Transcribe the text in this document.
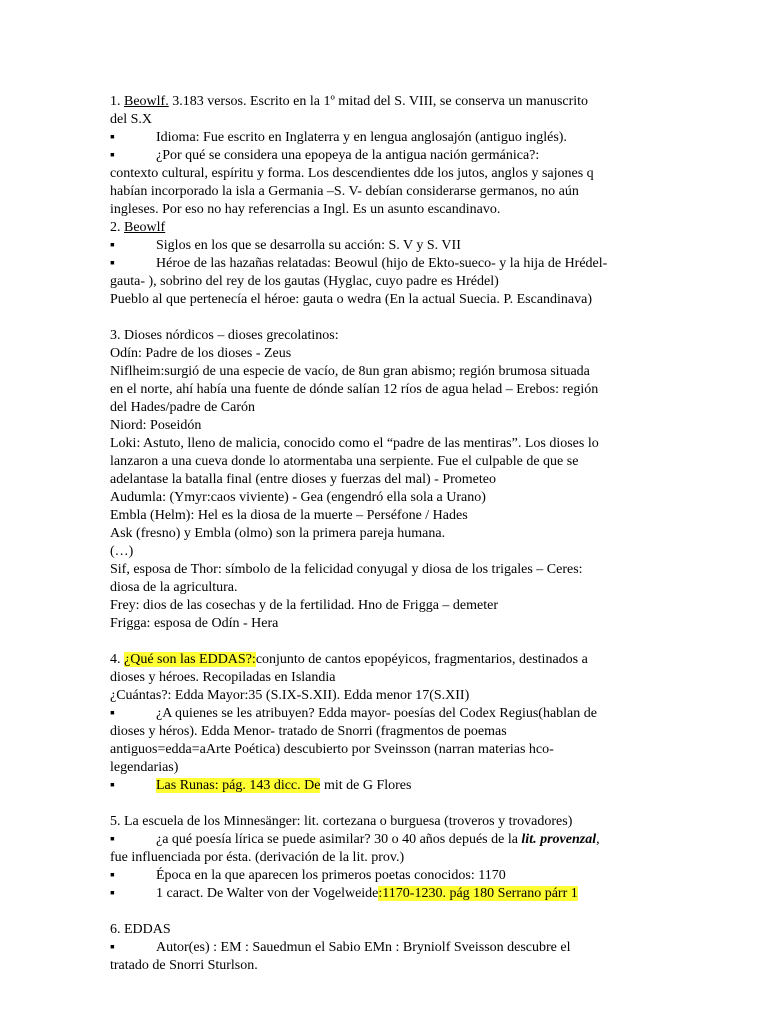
1. Beowlf. 3.183 versos. Escrito en la 1º mitad del S. VIII, se conserva un manuscrito

del S.X

▪	Idioma: Fue escrito en Inglaterra y en lengua anglosajón (antiguo inglés).
▪	¿Por qué se considera una epopeya de la antigua nación germánica?:

contexto cultural, espíritu y forma. Los descendientes dde los jutos, anglos y sajones q

habían incorporado la isla a Germania –S. V- debían considerarse germanos, no aún

ingleses. Por eso no hay referencias a Ingl. Es un asunto escandinavo.

2. Beowlf

▪	Siglos en los que se desarrolla su acción: S. V y S. VII
▪	Héroe de las hazañas relatadas: Beowul (hijo de Ekto-sueco- y la hija de Hrédel-

gauta- ), sobrino del rey de los gautas (Hyglac, cuyo padre es Hrédel)

Pueblo al que pertenecía el héroe: gauta o wedra (En la actual Suecia. P. Escandinava)

3. Dioses nórdicos – dioses grecolatinos:

Odín: Padre de los dioses - Zeus

Niflheim:surgió de una especie de vacío, de 8un gran abismo; región brumosa situada

en el norte, ahí había una fuente de dónde salían 12 ríos de agua helad – Erebos: región

del Hades/padre de Carón

Niord: Poseidón

Loki: Astuto, lleno de malicia, conocido como el “padre de las mentiras”. Los dioses lo

lanzaron a una cueva donde lo atormentaba una serpiente. Fue el culpable de que se

adelantase la batalla final (entre dioses y fuerzas del mal) - Prometeo

Audumla: (Ymyr:caos viviente) - Gea (engendró ella sola a Urano)

Embla (Helm): Hel es la diosa de la muerte – Perséfone / Hades

Ask (fresno) y Embla (olmo) son la primera pareja humana.

(…)

Sif, esposa de Thor: símbolo de la felicidad conyugal y diosa de los trigales – Ceres:

diosa de la agricultura.

Frey: dios de las cosechas y de la fertilidad. Hno de Frigga – demeter

Frigga: esposa de Odín - Hera

4. ¿Qué son las EDDAS?:conjunto de cantos epopéyicos, fragmentarios, destinados a

dioses y héroes. Recopiladas en Islandia

¿Cuántas?: Edda Mayor:35 (S.IX-S.XII). Edda menor 17(S.XII)

▪	¿A quienes se les atribuyen? Edda mayor- poesías del Codex Regius(hablan de

dioses y héros). Edda Menor- tratado de Snorri (fragmentos de poemas

antiguos=edda=aArte Poética) descubierto por Sveinsson (narran materias hco-

legendarias)

▪	Las Runas: pág. 143 dicc. De mit de G Flores

5. La escuela de los Minnesänger: lit. cortezana o burguesa (troveros y trovadores)

▪	¿a qué poesía lírica se puede asimilar? 30 o 40 años depués de la lit. provenzal,

fue influenciada por ésta. (derivación de la lit. prov.)

▪	Época en la que aparecen los primeros poetas conocidos: 1170
▪	1 caract. De Walter von der Vogelweide:1170-1230. pág 180 Serrano párr 1

6. EDDAS

▪	Autor(es) : EM : Sauedmun el Sabio EMn : Bryniolf Sveisson descubre el

tratado de Snorri Sturlson.
